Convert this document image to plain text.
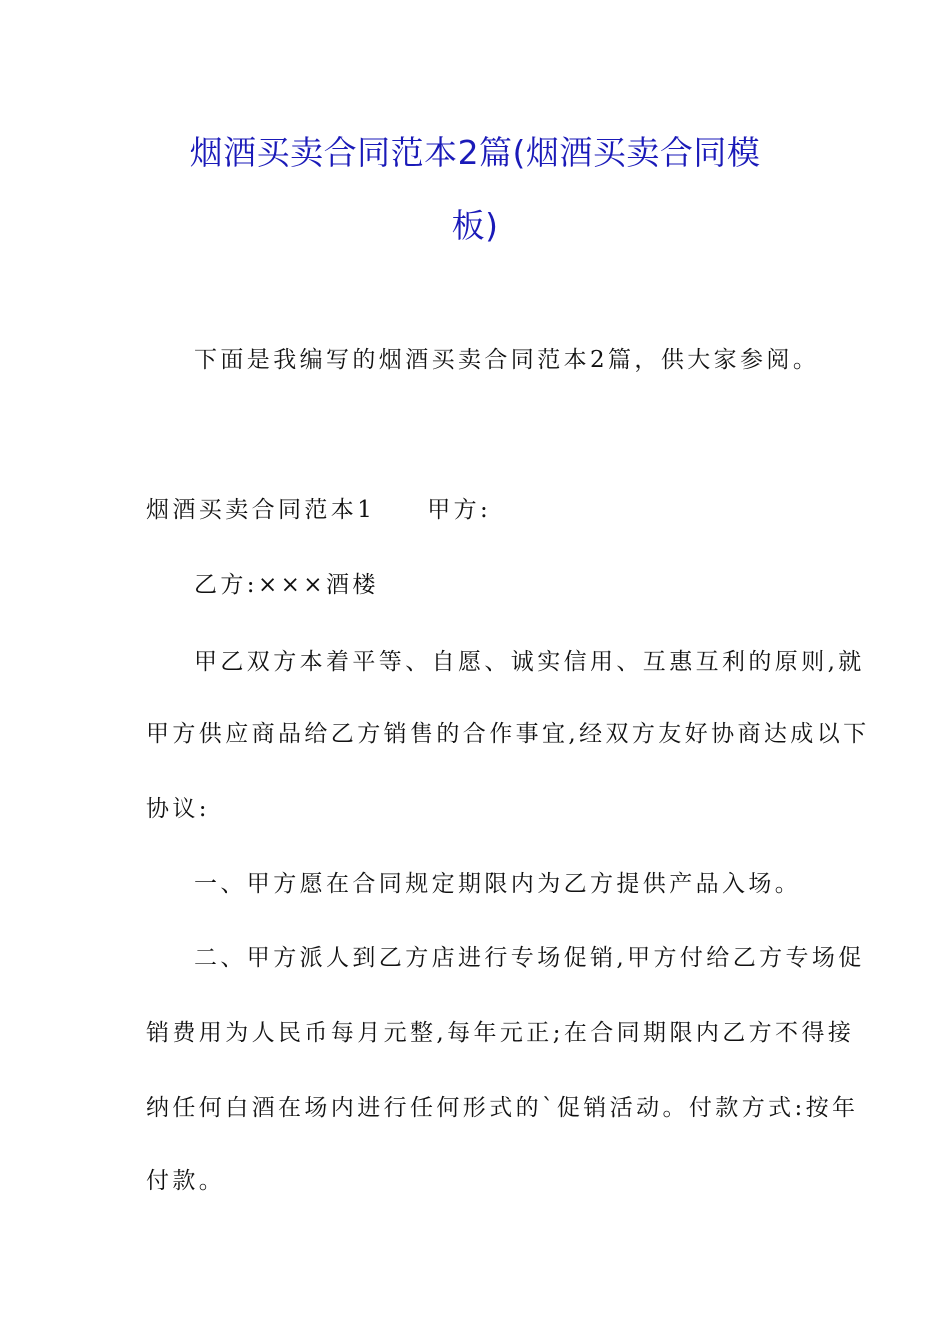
烟酒买卖合同范本2篇(烟酒买卖合同模
板)
下面是我编写的烟酒买卖合同范本2篇，供大家参阅。
烟酒买卖合同范本1 甲方:
乙方:×××酒楼
甲乙双方本着平等、自愿、诚实信用、互惠互利的原则,就
甲方供应商品给乙方销售的合作事宜,经双方友好协商达成以下
协议:
一、甲方愿在合同规定期限内为乙方提供产品入场。
二、甲方派人到乙方店进行专场促销,甲方付给乙方专场促
销费用为人民币每月元整,每年元正;在合同期限内乙方不得接
纳任何白酒在场内进行任何形式的`促销活动。付款方式:按年
付款。
